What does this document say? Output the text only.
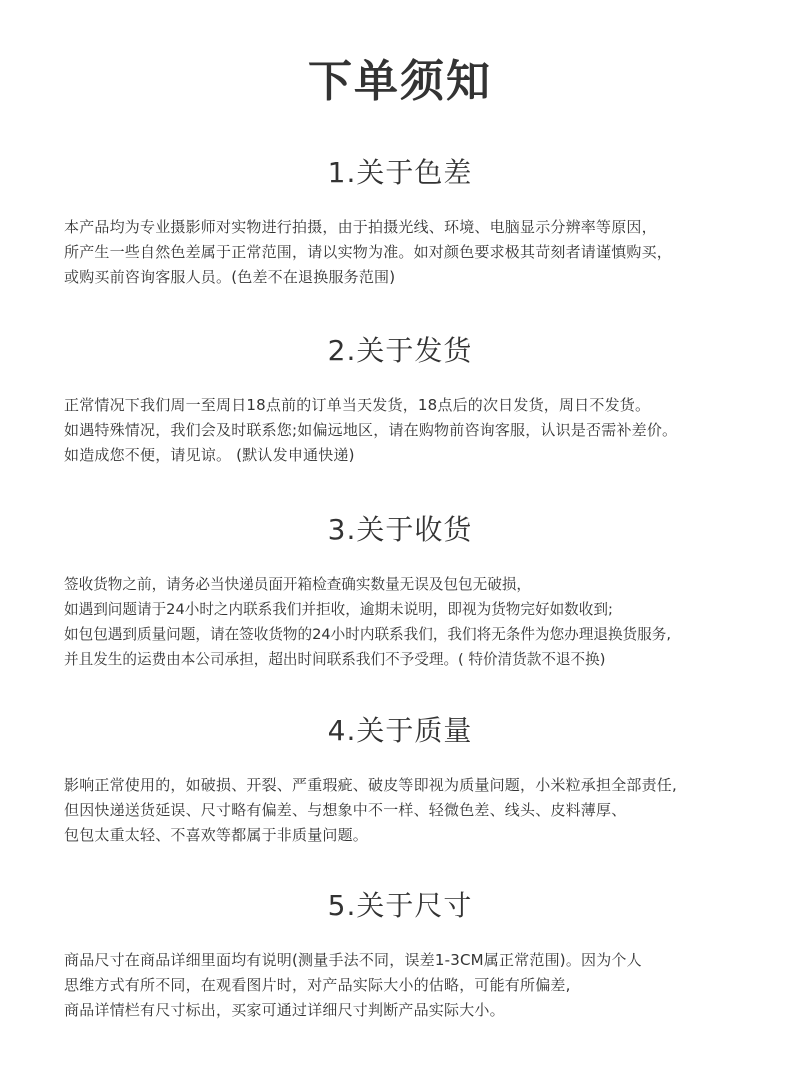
下单须知
1.关于色差
本产品均为专业摄影师对实物进行拍摄，由于拍摄光线、环境、电脑显示分辨率等原因，
所产生一些自然色差属于正常范围，请以实物为准。如对颜色要求极其苛刻者请谨慎购买，
或购买前咨询客服人员。(色差不在退换服务范围)
2.关于发货
正常情况下我们周一至周日18点前的订单当天发货，18点后的次日发货，周日不发货。
如遇特殊情况，我们会及时联系您;如偏远地区，请在购物前咨询客服，认识是否需补差价。
如造成您不便，请见谅。 (默认发申通快递)
3.关于收货
签收货物之前，请务必当快递员面开箱检查确实数量无误及包包无破损，
如遇到问题请于24小时之内联系我们并拒收，逾期未说明，即视为货物完好如数收到;
如包包遇到质量问题，请在签收货物的24小时内联系我们，我们将无条件为您办理退换货服务,
并且发生的运费由本公司承担，超出时间联系我们不予受理。( 特价清货款不退不换)
4.关于质量
影响正常使用的，如破损、开裂、严重瑕疵、破皮等即视为质量问题，小米粒承担全部责任,
但因快递送货延误、尺寸略有偏差、与想象中不一样、轻微色差、线头、皮料薄厚、
包包太重太轻、不喜欢等都属于非质量问题。
5.关于尺寸
商品尺寸在商品详细里面均有说明(测量手法不同，误差1-3CM属正常范围)。因为个人
思维方式有所不同，在观看图片时，对产品实际大小的估略，可能有所偏差,
商品详情栏有尺寸标出，买家可通过详细尺寸判断产品实际大小。
